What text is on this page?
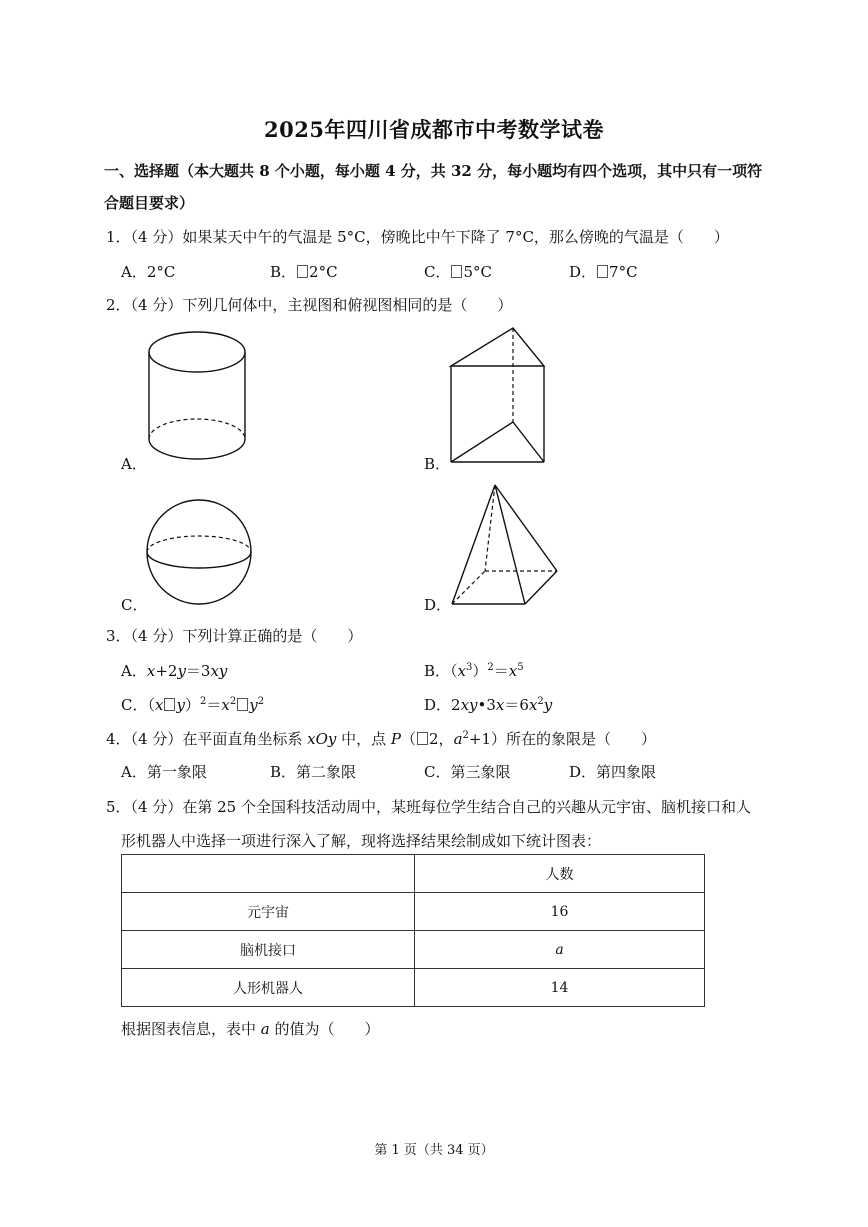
2025年四川省成都市中考数学试卷
一、选择题（本大题共 8 个小题，每小题 4 分，共 32 分，每小题均有四个选项，其中只有一项符
合题目要求）
1．（4 分）如果某天中午的气温是 5°C，傍晚比中午下降了 7°C，那么傍晚的气温是（　　）
A．2°C	B． 2°C	C． 5°C	D． 7°C
2．（4 分）下列几何体中，主视图和俯视图相同的是（　　）
A．	B．
C．	D．
3．（4 分）下列计算正确的是（　　）
A．x+2y＝3xy	B．$(x^3)^2=x^5$
C．（x $y)^2=x^2$ $y^2$	D．$2xy•3x=6x^2y$
4．（4 分）在平面直角坐标系 xOy 中，点 P（ 2，$a^2+1$）所在的象限是（　　）
A．第一象限	B．第二象限	C．第三象限	D．第四象限
5．（4 分）在第 25 个全国科技活动周中，某班每位学生结合自己的兴趣从元宇宙、脑机接口和人
形机器人中选择一项进行深入了解，现将选择结果绘制成如下统计图表：
	人数
元宇宙	16
脑机接口	a
人形机器人	14
根据图表信息，表中 a 的值为（　　）
第 1 页（共 34 页）
